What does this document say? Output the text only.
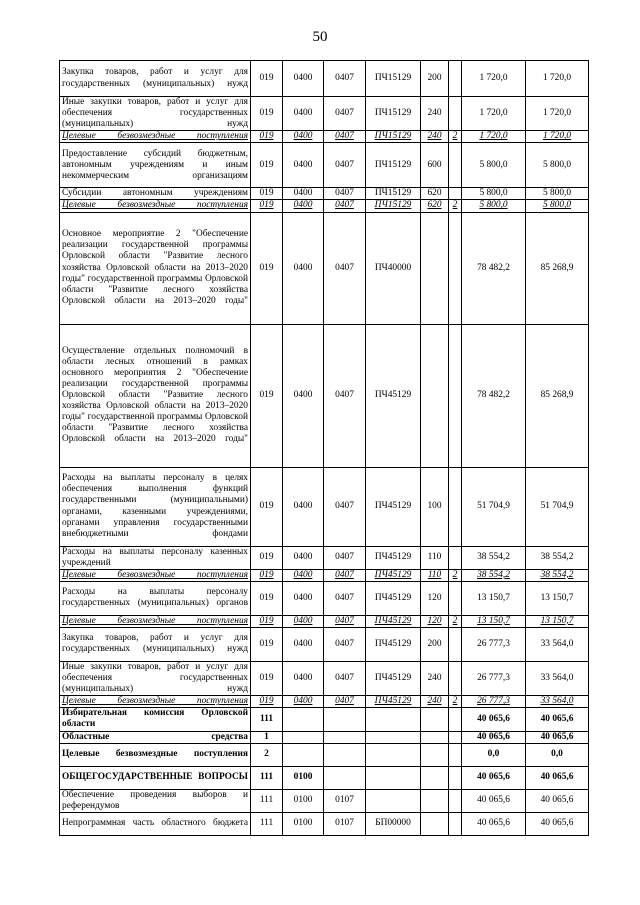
50
Закупка товаров, работ и услуг для государственных (муниципальных) нужд	019	0400	0407	ПЧ15129	200		1 720,0	1 720,0
Иные закупки товаров, работ и услуг для обеспечения государственных (муниципальных) нужд	019	0400	0407	ПЧ15129	240		1 720,0	1 720,0
Целевые безвозмездные поступления	019	0400	0407	ПЧ15129	240	2	1 720,0	1 720,0
Предоставление субсидий бюджетным, автономным учреждениям и иным некоммерческим организациям	019	0400	0407	ПЧ15129	600		5 800,0	5 800,0
Субсидии автономным учреждениям	019	0400	0407	ПЧ15129	620		5 800,0	5 800,0
Целевые безвозмездные поступления	019	0400	0407	ПЧ15129	620	2	5 800,0	5 800,0
Основное мероприятие 2 "Обеспечение реализации государственной программы Орловской области "Развитие лесного хозяйства Орловской области на 2013–2020 годы" государственной программы Орловской области "Развитие лесного хозяйства Орловской области на 2013–2020 годы"	019	0400	0407	ПЧ40000			78 482,2	85 268,9
Осуществление отдельных полномочий в области лесных отношений в рамках основного мероприятия 2 "Обеспечение реализации государственной программы Орловской области "Развитие лесного хозяйства Орловской области на 2013–2020 годы" государственной программы Орловской области "Развитие лесного хозяйства Орловской области на 2013–2020 годы"	019	0400	0407	ПЧ45129			78 482,2	85 268,9
Расходы на выплаты персоналу в целях обеспечения выполнения функций государственными (муниципальными) органами, казенными учреждениями, органами управления государственными внебюджетными фондами	019	0400	0407	ПЧ45129	100		51 704,9	51 704,9
Расходы на выплаты персоналу казенных учреждений	019	0400	0407	ПЧ45129	110		38 554,2	38 554,2
Целевые безвозмездные поступления	019	0400	0407	ПЧ45129	110	2	38 554,2	38 554,2
Расходы на выплаты персоналу государственных (муниципальных) органов	019	0400	0407	ПЧ45129	120		13 150,7	13 150,7
Целевые безвозмездные поступления	019	0400	0407	ПЧ45129	120	2	13 150,7	13 150,7
Закупка товаров, работ и услуг для государственных (муниципальных) нужд	019	0400	0407	ПЧ45129	200		26 777,3	33 564,0
Иные закупки товаров, работ и услуг для обеспечения государственных (муниципальных) нужд	019	0400	0407	ПЧ45129	240		26 777,3	33 564,0
Целевые безвозмездные поступления	019	0400	0407	ПЧ45129	240	2	26 777,3	33 564,0
Избирательная комиссия Орловской области	111						40 065,6	40 065,6
Областные средства	1						40 065,6	40 065,6
Целевые безвозмездные поступления	2						0,0	0,0
ОБЩЕГОСУДАРСТВЕННЫЕ ВОПРОСЫ	111	0100					40 065,6	40 065,6
Обеспечение проведения выборов и референдумов	111	0100	0107				40 065,6	40 065,6
Непрограммная часть областного бюджета	111	0100	0107	БП00000			40 065,6	40 065,6
